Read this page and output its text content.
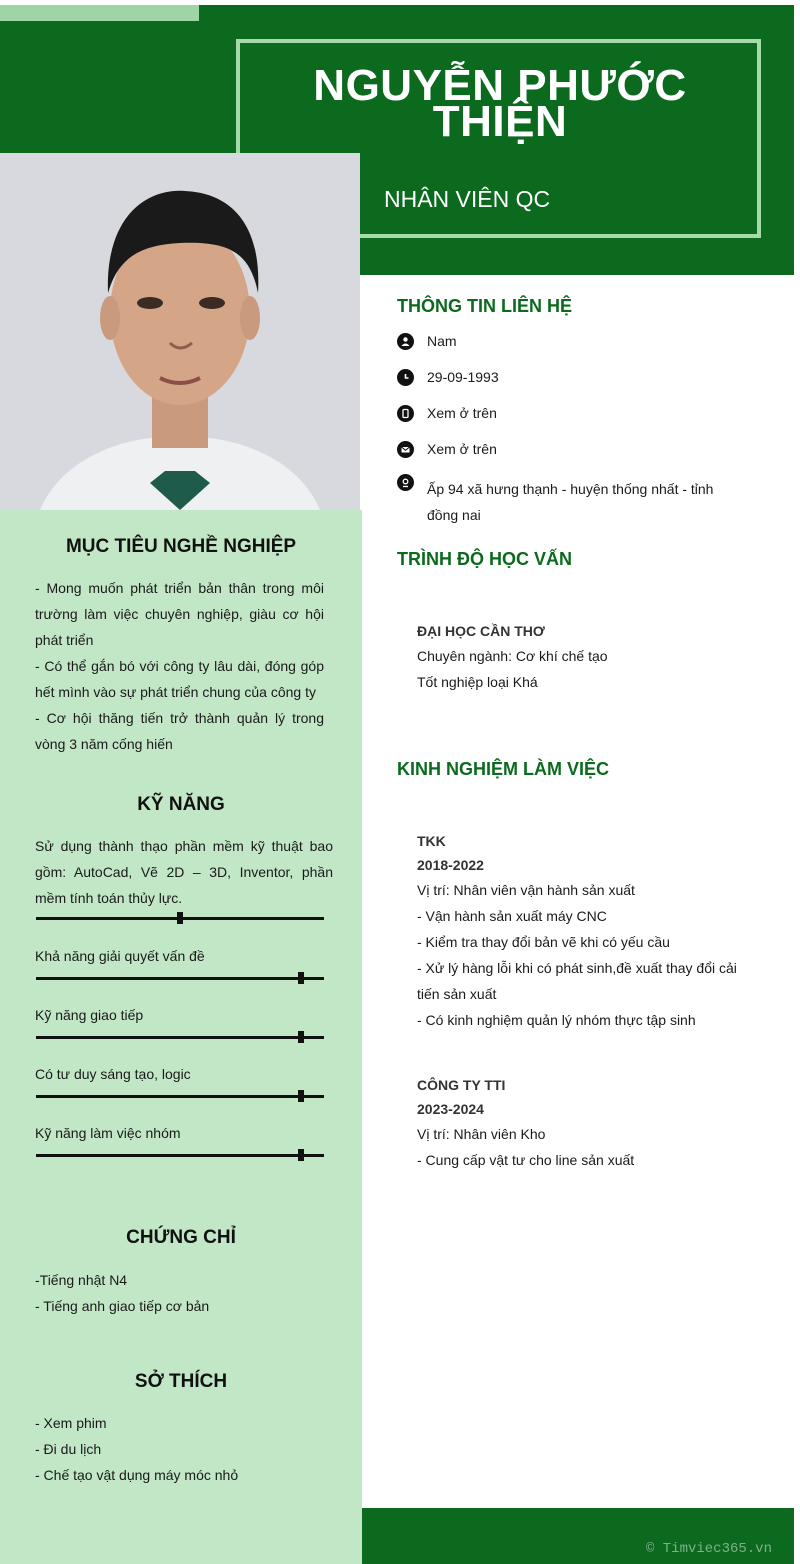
NGUYỄN PHƯỚC THIỆN
NHÂN VIÊN QC
MỤC TIÊU NGHỀ NGHIỆP
- Mong muốn phát triển bản thân trong môi trường làm việc chuyên nghiệp, giàu cơ hội phát triển
- Có thể gắn bó với công ty lâu dài, đóng góp hết mình vào sự phát triển chung của công ty
- Cơ hội thăng tiến trở thành quản lý trong vòng 3 năm cống hiến
KỸ NĂNG
Sử dụng thành thạo phần mềm kỹ thuật bao gồm: AutoCad, Vẽ 2D – 3D, Inventor, phần mềm tính toán thủy lực.
Khả năng giải quyết vấn đề
Kỹ năng giao tiếp
Có tư duy sáng tạo, logic
Kỹ năng làm việc nhóm
CHỨNG CHỈ
-Tiếng nhật N4
- Tiếng anh giao tiếp cơ bản
SỞ THÍCH
- Xem phim
- Đi du lịch
- Chế tạo vật dụng máy móc nhỏ
THÔNG TIN LIÊN HỆ
Nam
29-09-1993
Xem ở trên
Xem ở trên
Ấp 94 xã hưng thạnh - huyện thống nhất - tỉnh đồng nai
TRÌNH ĐỘ HỌC VẤN
ĐẠI HỌC CẦN THƠ
Chuyên ngành: Cơ khí chế tạo
Tốt nghiệp loại Khá
KINH NGHIỆM LÀM VIỆC
TKK
2018-2022
Vị trí: Nhân viên vận hành sản xuất
- Vận hành sản xuất máy CNC
- Kiểm tra thay đổi bản vẽ khi có yếu cầu
- Xử lý hàng lỗi khi có phát sinh,đề xuất thay đổi cải tiến sản xuất
- Có kinh nghiệm quản lý nhóm thực tập sinh
CÔNG TY TTI
2023-2024
Vị trí: Nhân viên Kho
- Cung cấp vật tư cho line sản xuất
© Timviec365.vn
